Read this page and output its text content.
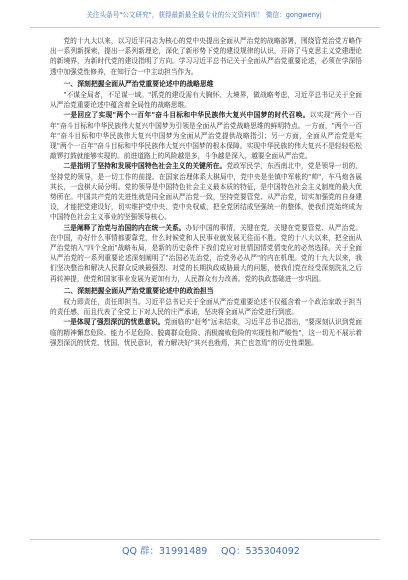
关注头条号"公文研究"，获得最新最全最专业的公文资料库！ 微信：gongwenyj

党的十九大以来，以习近平同志为核心的党中央提出全面从严治党的战略部署，围绕管党治党方略作出一系列新探索，提出一系列新理论，深化了新形势下党的建设规律的认识，开辟了马克思主义党建理论的新境界，为新时代党的建设指明了方向。学习习近平总书记关于全面从严治党重要论述，必须在学深悟透中加强党性修养，在知行合一中主动担当作为。

一、深刻把握全面从严治党重要论述中的战略思维

"不谋全局者，不足谋一域。"抓党的建设需有大胸怀、大境界，做战略考虑，习近平总书记关于全面从严治党重要论述中蕴含着全局性的战略思维。

一是回应了实现"两个一百年"奋斗目标和中华民族伟大复兴中国梦的时代召唤。以实现"两个一百年"奋斗目标和中华民族伟大复兴中国梦为引领是全面从严治党战略思维的鲜明特点。一方面，"两个一百年"奋斗目标和中华民族伟大复兴中国梦为全面从严治党提供战略指引；另一方面，全面从严治党是实现"两个一百年"奋斗目标和中华民族伟大复兴中国梦的根本保障。实现中华民族的伟大复兴不是轻轻松松敲锣打鼓就能够实现的。前进道路上的风险越是多，斗争越是深入，越要全面从严治党。

二是指明了坚持和发展中国特色社会主义的关键所在。党政军民学，东西南北中，党是领导一切的，坚持党的领导，是一切工作的前提。在国家治理体系大棋局中，党中央是坐镇中军帐的"帅"，车马炮各展其长，一盘棋大局分明。党的领导是中国特色社会主义最本质的特征，是中国特色社会主义制度的最大优势所在。中国共产党的先进性就是同全面从严治党一致，坚持党要管党、从严治党，切实加强党的自身建设，才能把党建设好，切实维护党中央、党中央权威，把全党团结成坚强统一的整体，使我们党始终成为中国特色社会主义事业的坚强领导核心。

三是阐释了治党与治国的内在统一关系。办好中国的事情，关键在党，关键在党要管党、从严治党。在中国，办好什么事情都要靠党，什么时候党和人民事业就发展无往而不胜。党的十八大以来，把全面从严治党纳入"四个全面"战略布局，是新的历史条件下我们党应对世情国情党情变化的必然选择。关于全面从严治党的一系列重要论述深刻阐明了"治国必先治党，治党务必从严"的内在机理。党的十九大以来，我们坚决整治和解决人民群众反映最强烈、对党的长期执政威胁最大的问题，使我们党在经受深刻洗礼之后再转神提，使党和国家事业发展为更加有力，人民群众有力改善。党的执政基础进一步巩固。

二、深刻把握全面从严治党重要论述中的政治担当

权力即责任，责任即担当。习近平总书记关于全面从严治党重要论述不仅蕴含着一个政治家敢于担当的责任感，而且代表了全党上下对人民的庄严承诺，坚决将全面从严治党进行到底。

一是体现了强烈深沉的忧患意识。党面临的"赶考"远未结束，习近平总书记指出，"要深刻认识到党面临的精神懈怠危险、能力不足危险、脱离群众危险、消极腐败危险的实现性和严峻性"，这一切无不展示着强烈深沉的忧党、忧国、忧民意识，着力解决好"其兴也勃焉，其亡也忽焉"的历史性课题。

QQ 群：31991489 QQ：535304092
